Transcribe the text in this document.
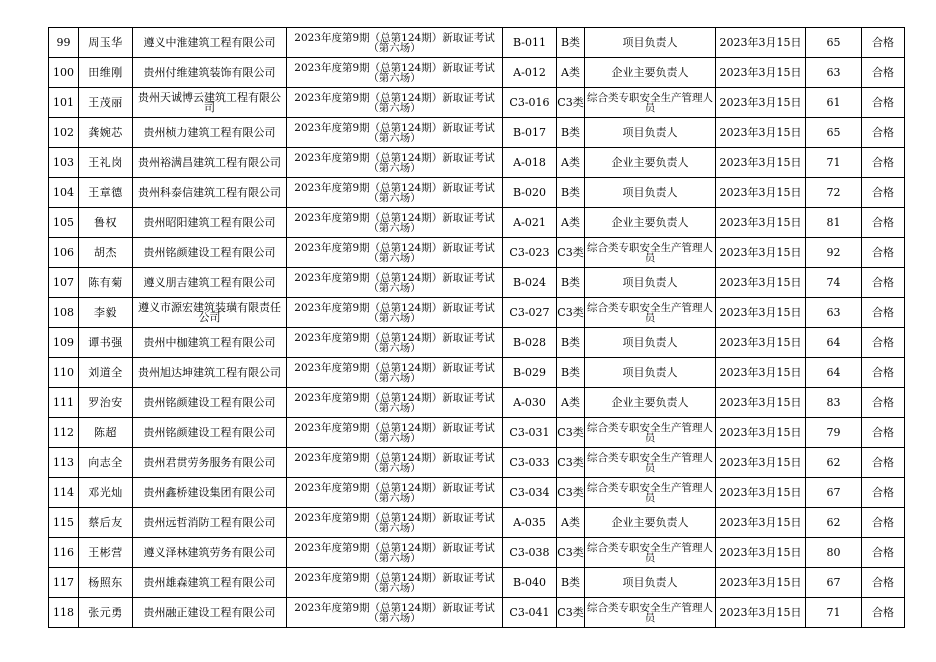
99	周玉华	遵义中淮建筑工程有限公司	2023年度第9期（总第124期）新取证考试（第六场）	B-011	B类	项目负责人	2023年3月15日	65	合格
100	田维刚	贵州付维建筑装饰有限公司	2023年度第9期（总第124期）新取证考试（第六场）	A-012	A类	企业主要负责人	2023年3月15日	63	合格
101	王茂丽	贵州天诚博云建筑工程有限公司	2023年度第9期（总第124期）新取证考试（第六场）	C3-016	C3类	综合类专职安全生产管理人员	2023年3月15日	61	合格
102	龚婉芯	贵州桢力建筑工程有限公司	2023年度第9期（总第124期）新取证考试（第六场）	B-017	B类	项目负责人	2023年3月15日	65	合格
103	王礼岗	贵州裕满昌建筑工程有限公司	2023年度第9期（总第124期）新取证考试（第六场）	A-018	A类	企业主要负责人	2023年3月15日	71	合格
104	王章德	贵州科泰信建筑工程有限公司	2023年度第9期（总第124期）新取证考试（第六场）	B-020	B类	项目负责人	2023年3月15日	72	合格
105	鲁权	贵州昭阳建筑工程有限公司	2023年度第9期（总第124期）新取证考试（第六场）	A-021	A类	企业主要负责人	2023年3月15日	81	合格
106	胡杰	贵州铭颜建设工程有限公司	2023年度第9期（总第124期）新取证考试（第六场）	C3-023	C3类	综合类专职安全生产管理人员	2023年3月15日	92	合格
107	陈有菊	遵义朋吉建筑工程有限公司	2023年度第9期（总第124期）新取证考试（第六场）	B-024	B类	项目负责人	2023年3月15日	74	合格
108	李毅	遵义市源宏建筑装璜有限责任公司	2023年度第9期（总第124期）新取证考试（第六场）	C3-027	C3类	综合类专职安全生产管理人员	2023年3月15日	63	合格
109	谭书强	贵州中枷建筑工程有限公司	2023年度第9期（总第124期）新取证考试（第六场）	B-028	B类	项目负责人	2023年3月15日	64	合格
110	刘道全	贵州旭达坤建筑工程有限公司	2023年度第9期（总第124期）新取证考试（第六场）	B-029	B类	项目负责人	2023年3月15日	64	合格
111	罗治安	贵州铭颜建设工程有限公司	2023年度第9期（总第124期）新取证考试（第六场）	A-030	A类	企业主要负责人	2023年3月15日	83	合格
112	陈超	贵州铭颜建设工程有限公司	2023年度第9期（总第124期）新取证考试（第六场）	C3-031	C3类	综合类专职安全生产管理人员	2023年3月15日	79	合格
113	向志全	贵州君贯劳务服务有限公司	2023年度第9期（总第124期）新取证考试（第六场）	C3-033	C3类	综合类专职安全生产管理人员	2023年3月15日	62	合格
114	邓光灿	贵州鑫桥建设集团有限公司	2023年度第9期（总第124期）新取证考试（第六场）	C3-034	C3类	综合类专职安全生产管理人员	2023年3月15日	67	合格
115	蔡后友	贵州远哲消防工程有限公司	2023年度第9期（总第124期）新取证考试（第六场）	A-035	A类	企业主要负责人	2023年3月15日	62	合格
116	王彬营	遵义泽林建筑劳务有限公司	2023年度第9期（总第124期）新取证考试（第六场）	C3-038	C3类	综合类专职安全生产管理人员	2023年3月15日	80	合格
117	杨照东	贵州雄森建筑工程有限公司	2023年度第9期（总第124期）新取证考试（第六场）	B-040	B类	项目负责人	2023年3月15日	67	合格
118	张元勇	贵州融正建设工程有限公司	2023年度第9期（总第124期）新取证考试（第六场）	C3-041	C3类	综合类专职安全生产管理人员	2023年3月15日	71	合格
